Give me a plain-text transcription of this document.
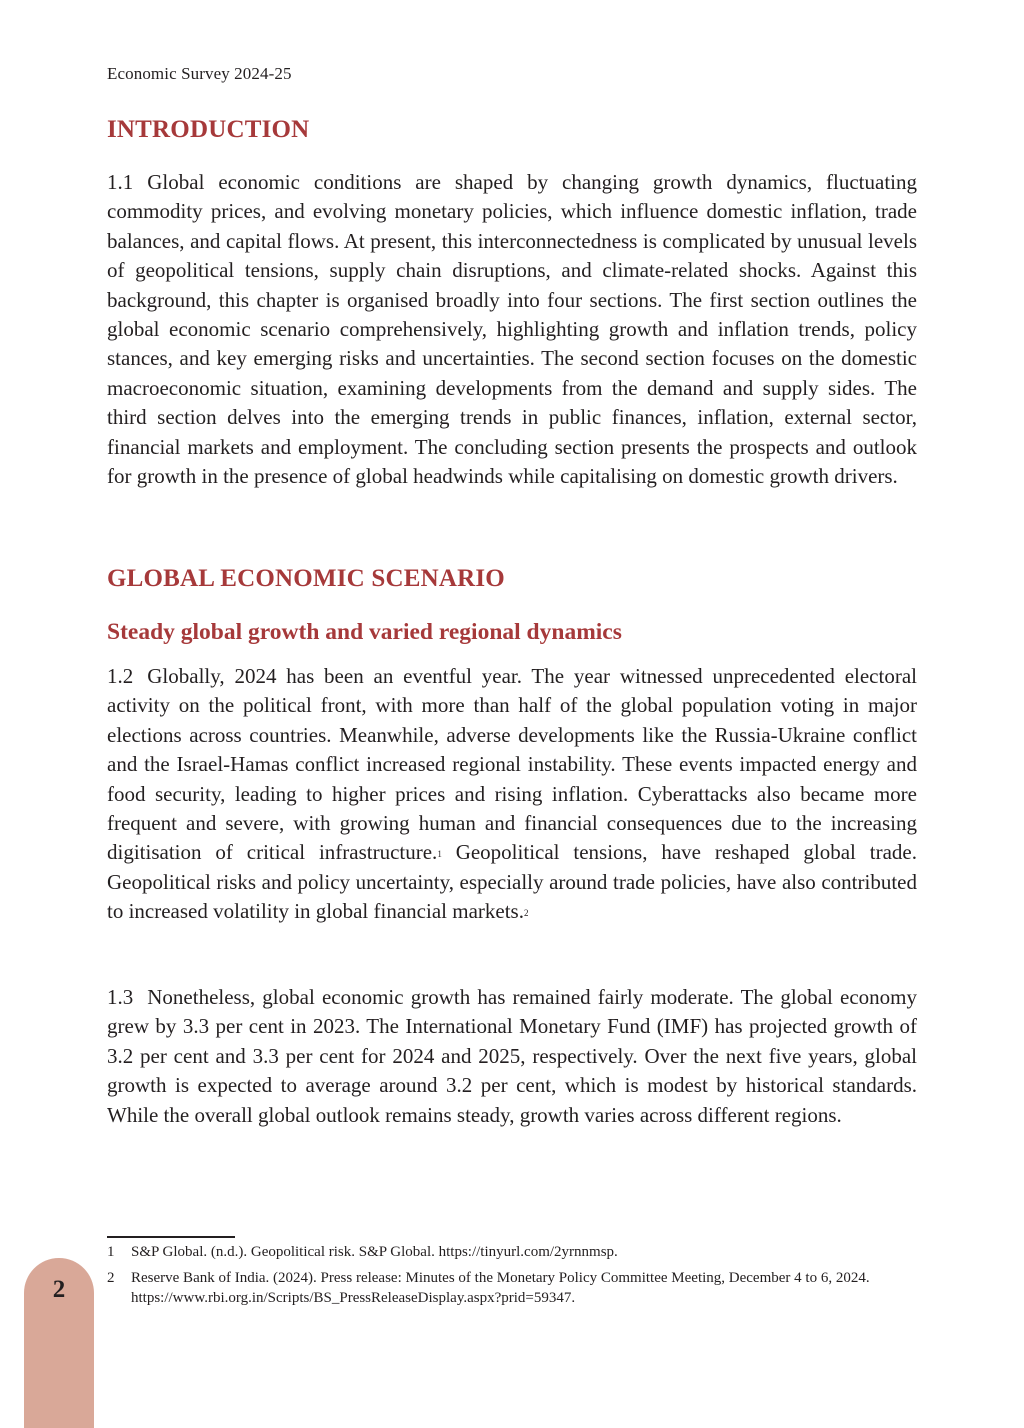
Economic Survey 2024-25
INTRODUCTION
1.1 Global economic conditions are shaped by changing growth dynamics, fluctuating commodity prices, and evolving monetary policies, which influence domestic inflation, trade balances, and capital flows. At present, this interconnectedness is complicated by unusual levels of geopolitical tensions, supply chain disruptions, and climate-related shocks. Against this background, this chapter is organised broadly into four sections. The first section outlines the global economic scenario comprehensively, highlighting growth and inflation trends, policy stances, and key emerging risks and uncertainties. The second section focuses on the domestic macroeconomic situation, examining developments from the demand and supply sides. The third section delves into the emerging trends in public finances, inflation, external sector, financial markets and employment. The concluding section presents the prospects and outlook for growth in the presence of global headwinds while capitalising on domestic growth drivers.
GLOBAL ECONOMIC SCENARIO
Steady global growth and varied regional dynamics
1.2 Globally, 2024 has been an eventful year. The year witnessed unprecedented electoral activity on the political front, with more than half of the global population voting in major elections across countries. Meanwhile, adverse developments like the Russia-Ukraine conflict and the Israel-Hamas conflict increased regional instability. These events impacted energy and food security, leading to higher prices and rising inflation. Cyberattacks also became more frequent and severe, with growing human and financial consequences due to the increasing digitisation of critical infrastructure.$^1$ Geopolitical tensions, have reshaped global trade. Geopolitical risks and policy uncertainty, especially around trade policies, have also contributed to increased volatility in global financial markets.$^2$
1.3 Nonetheless, global economic growth has remained fairly moderate. The global economy grew by 3.3 per cent in 2023. The International Monetary Fund (IMF) has projected growth of 3.2 per cent and 3.3 per cent for 2024 and 2025, respectively. Over the next five years, global growth is expected to average around 3.2 per cent, which is modest by historical standards. While the overall global outlook remains steady, growth varies across different regions.
1 S&P Global. (n.d.). Geopolitical risk. S&P Global. https://tinyurl.com/2yrnnmsp.
2 Reserve Bank of India. (2024). Press release: Minutes of the Monetary Policy Committee Meeting, December 4 to 6, 2024. https://www.rbi.org.in/Scripts/BS_PressReleaseDisplay.aspx?prid=59347.
2
